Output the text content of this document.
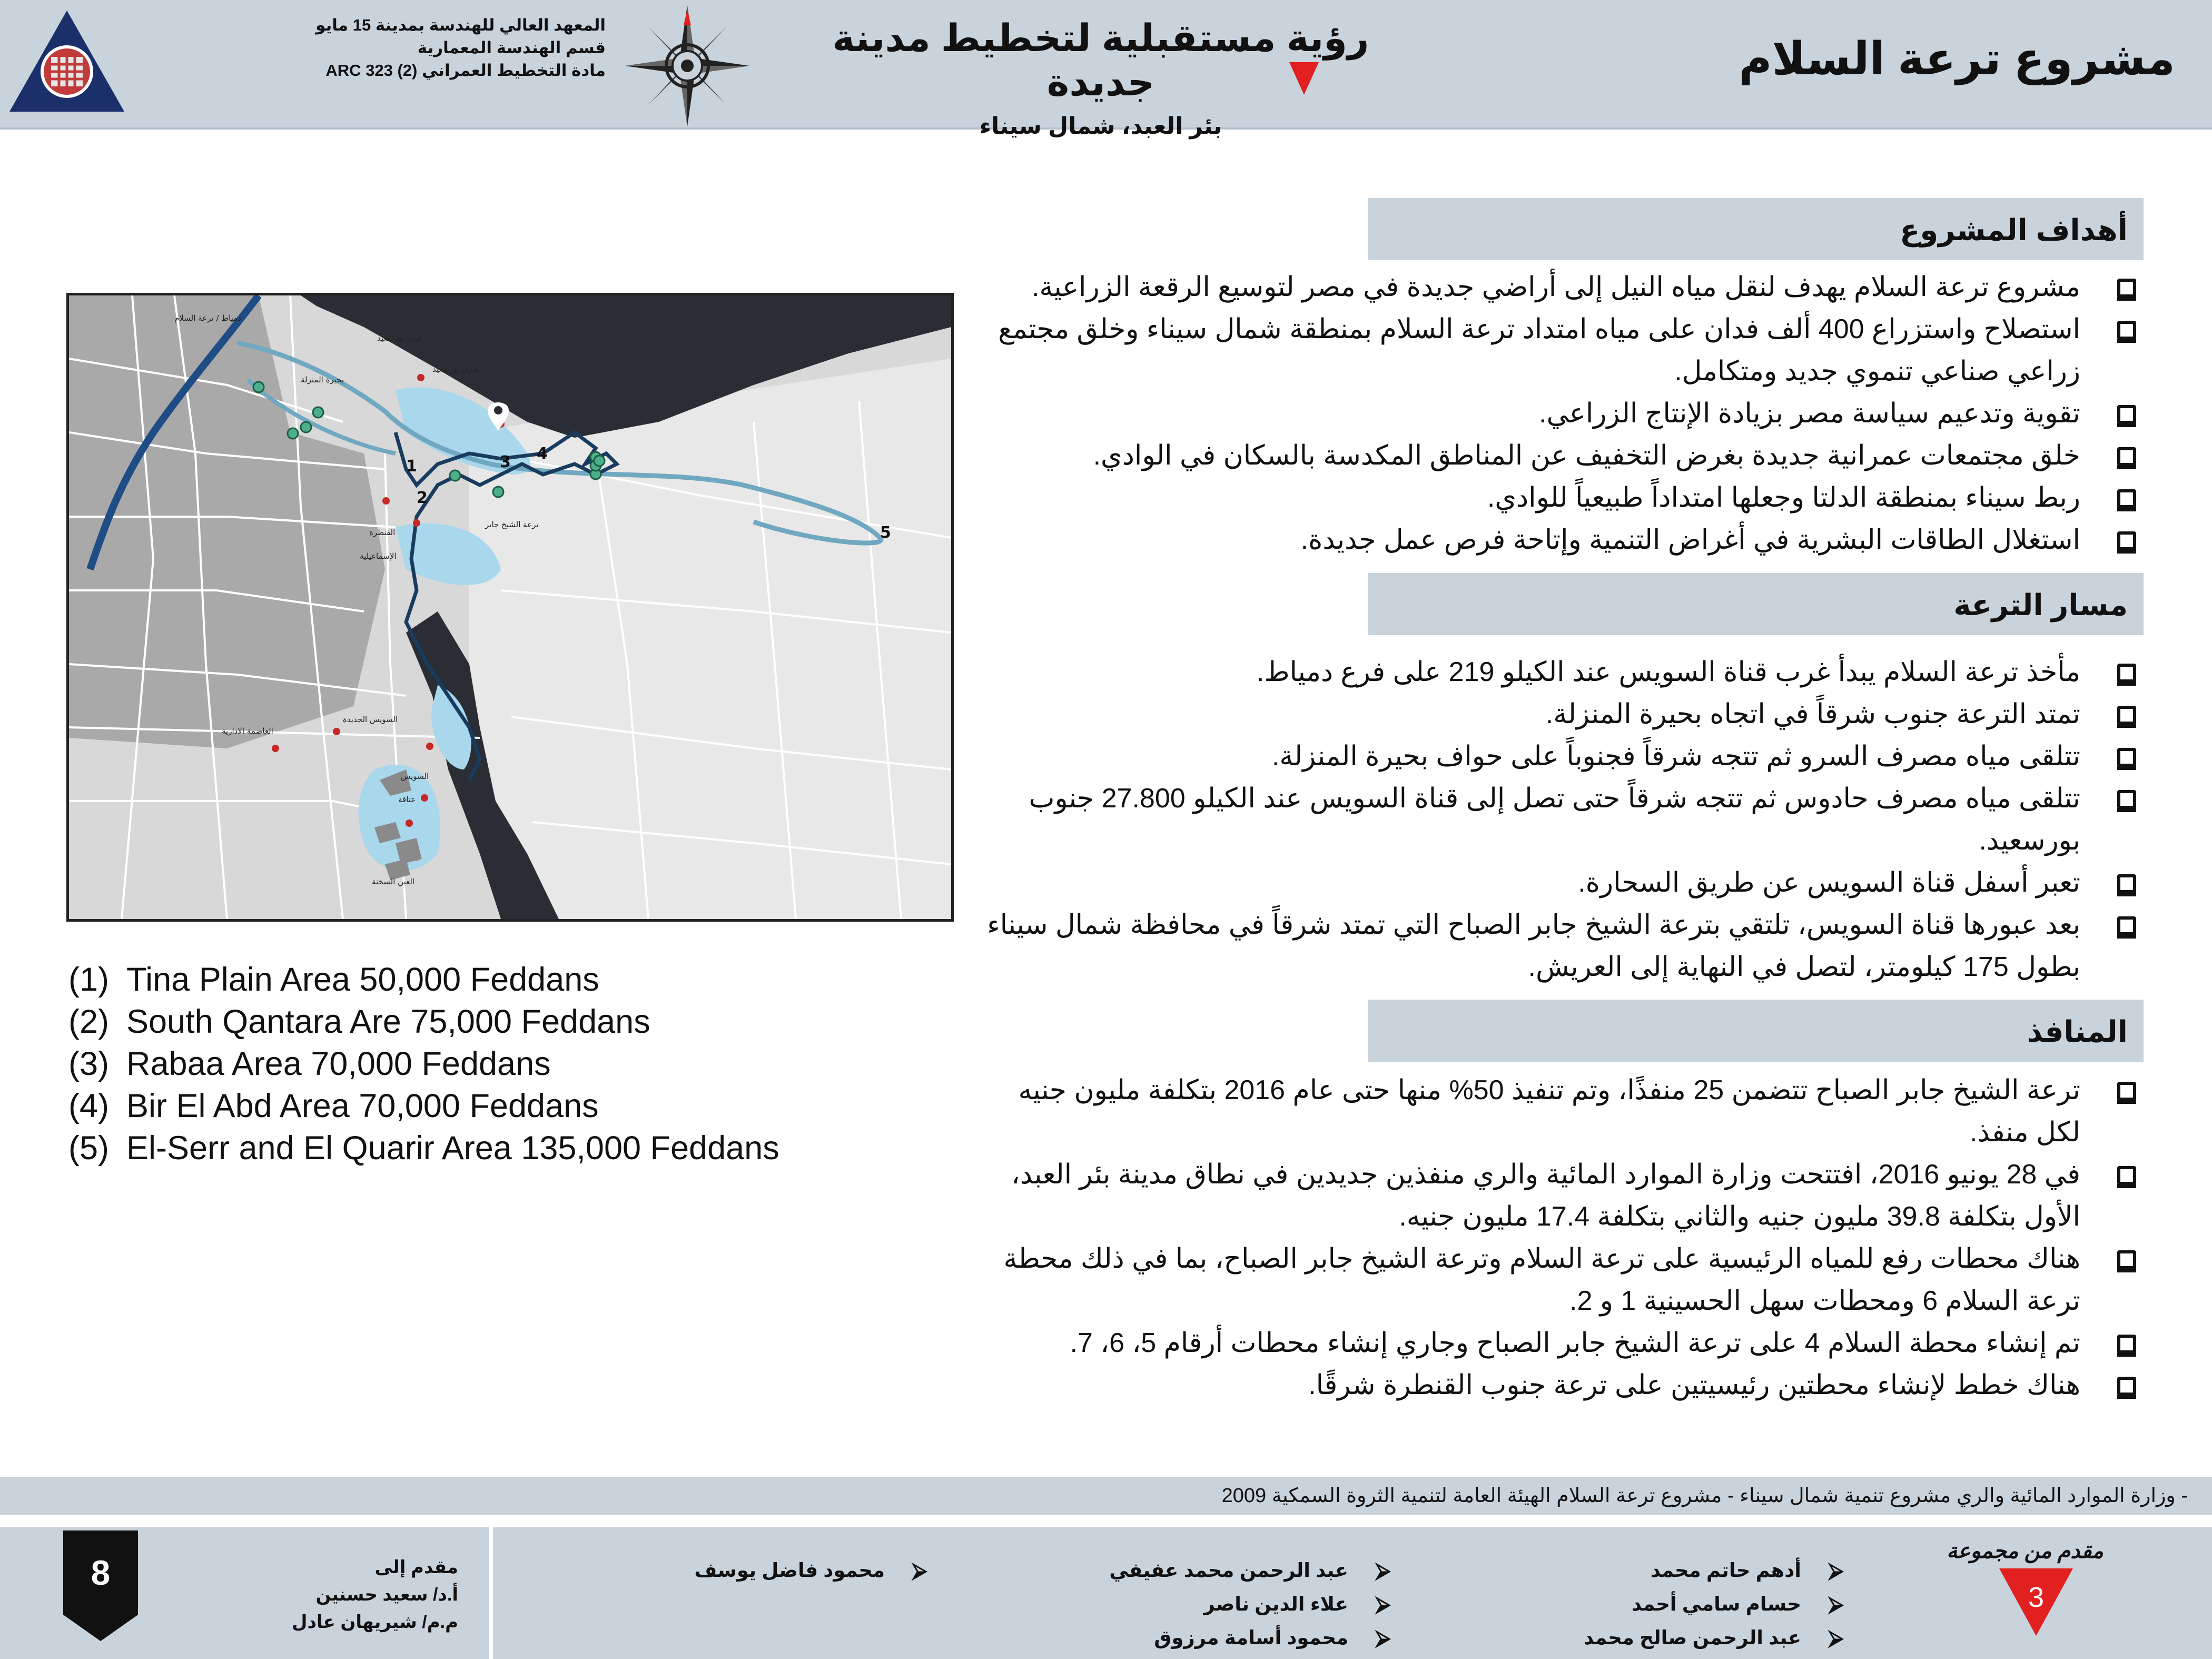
مشروع ترعة السلام
رؤية مستقبلية لتخطيط مدينة جديدة
بئر العبد، شمال سيناء
المعهد العالي للهندسة بمدينة 15 مايو
قسم الهندسة المعمارية
مادة التخطيط العمراني (2) ARC 323
دمياط / ترعة السلام
بحيرة المنزلة
غرب بورسعيد
شرق بورسعيد
ترعة الشيخ جابر
القنطرة
الإسماعيلية
السويس الجديدة
العاصمة الادارية
السويس
عتاقة
العين السخنة
1
2
3 4
5
(1) Tina Plain Area 50,000 Feddans
(2) South Qantara Are 75,000 Feddans
(3) Rabaa Area 70,000 Feddans
(4) Bir El Abd Area 70,000 Feddans
(5) El-Serr and El Quarir Area 135,000 Feddans
أهداف المشروع
مشروع ترعة السلام يهدف لنقل مياه النيل إلى أراضي جديدة في مصر لتوسيع الرقعة الزراعية.
استصلاح واستزراع 400 ألف فدان على مياه امتداد ترعة السلام بمنطقة شمال سيناء وخلق مجتمع زراعي صناعي تنموي جديد ومتكامل.
تقوية وتدعيم سياسة مصر بزيادة الإنتاج الزراعي.
خلق مجتمعات عمرانية جديدة بغرض التخفيف عن المناطق المكدسة بالسكان في الوادي.
ربط سيناء بمنطقة الدلتا وجعلها امتداداً طبيعياً للوادي.
استغلال الطاقات البشرية في أغراض التنمية وإتاحة فرص عمل جديدة.
مسار الترعة
مأخذ ترعة السلام يبدأ غرب قناة السويس عند الكيلو 219 على فرع دمياط.
تمتد الترعة جنوب شرقاً في اتجاه بحيرة المنزلة.
تتلقى مياه مصرف السرو ثم تتجه شرقاً فجنوباً على حواف بحيرة المنزلة.
تتلقى مياه مصرف حادوس ثم تتجه شرقاً حتى تصل إلى قناة السويس عند الكيلو 27.800 جنوب بورسعيد.
تعبر أسفل قناة السويس عن طريق السحارة.
بعد عبورها قناة السويس، تلتقي بترعة الشيخ جابر الصباح التي تمتد شرقاً في محافظة شمال سيناء بطول 175 كيلومتر، لتصل في النهاية إلى العريش.
المنافذ
ترعة الشيخ جابر الصباح تتضمن 25 منفذًا، وتم تنفيذ 50% منها حتى عام 2016 بتكلفة مليون جنيه لكل منفذ.
في 28 يونيو 2016، افتتحت وزارة الموارد المائية والري منفذين جديدين في نطاق مدينة بئر العبد، الأول بتكلفة 39.8 مليون جنيه والثاني بتكلفة 17.4 مليون جنيه.
هناك محطات رفع للمياه الرئيسية على ترعة السلام وترعة الشيخ جابر الصباح، بما في ذلك محطة ترعة السلام 6 ومحطات سهل الحسينية 1 و 2.
تم إنشاء محطة السلام 4 على ترعة الشيخ جابر الصباح وجاري إنشاء محطات أرقام 5، 6، 7.
هناك خطط لإنشاء محطتين رئيسيتين على ترعة جنوب القنطرة شرقًا.
- وزارة الموارد المائية والري مشروع تنمية شمال سيناء - مشروع ترعة السلام الهيئة العامة لتنمية الثروة السمكية 2009
8	مقدم إلى
أ.د/ سعيد حسنين
م.م/ شيريهان عادل
⮚
أدهم حاتم محمد
⮚
حسام سامي أحمد
⮚
عبد الرحمن صالح محمد
⮚
عبد الرحمن محمد عفيفي
⮚
علاء الدين ناصر
⮚
محمود أسامة مرزوق
⮚
محمود فاضل يوسف
مقدم من مجموعة
3
